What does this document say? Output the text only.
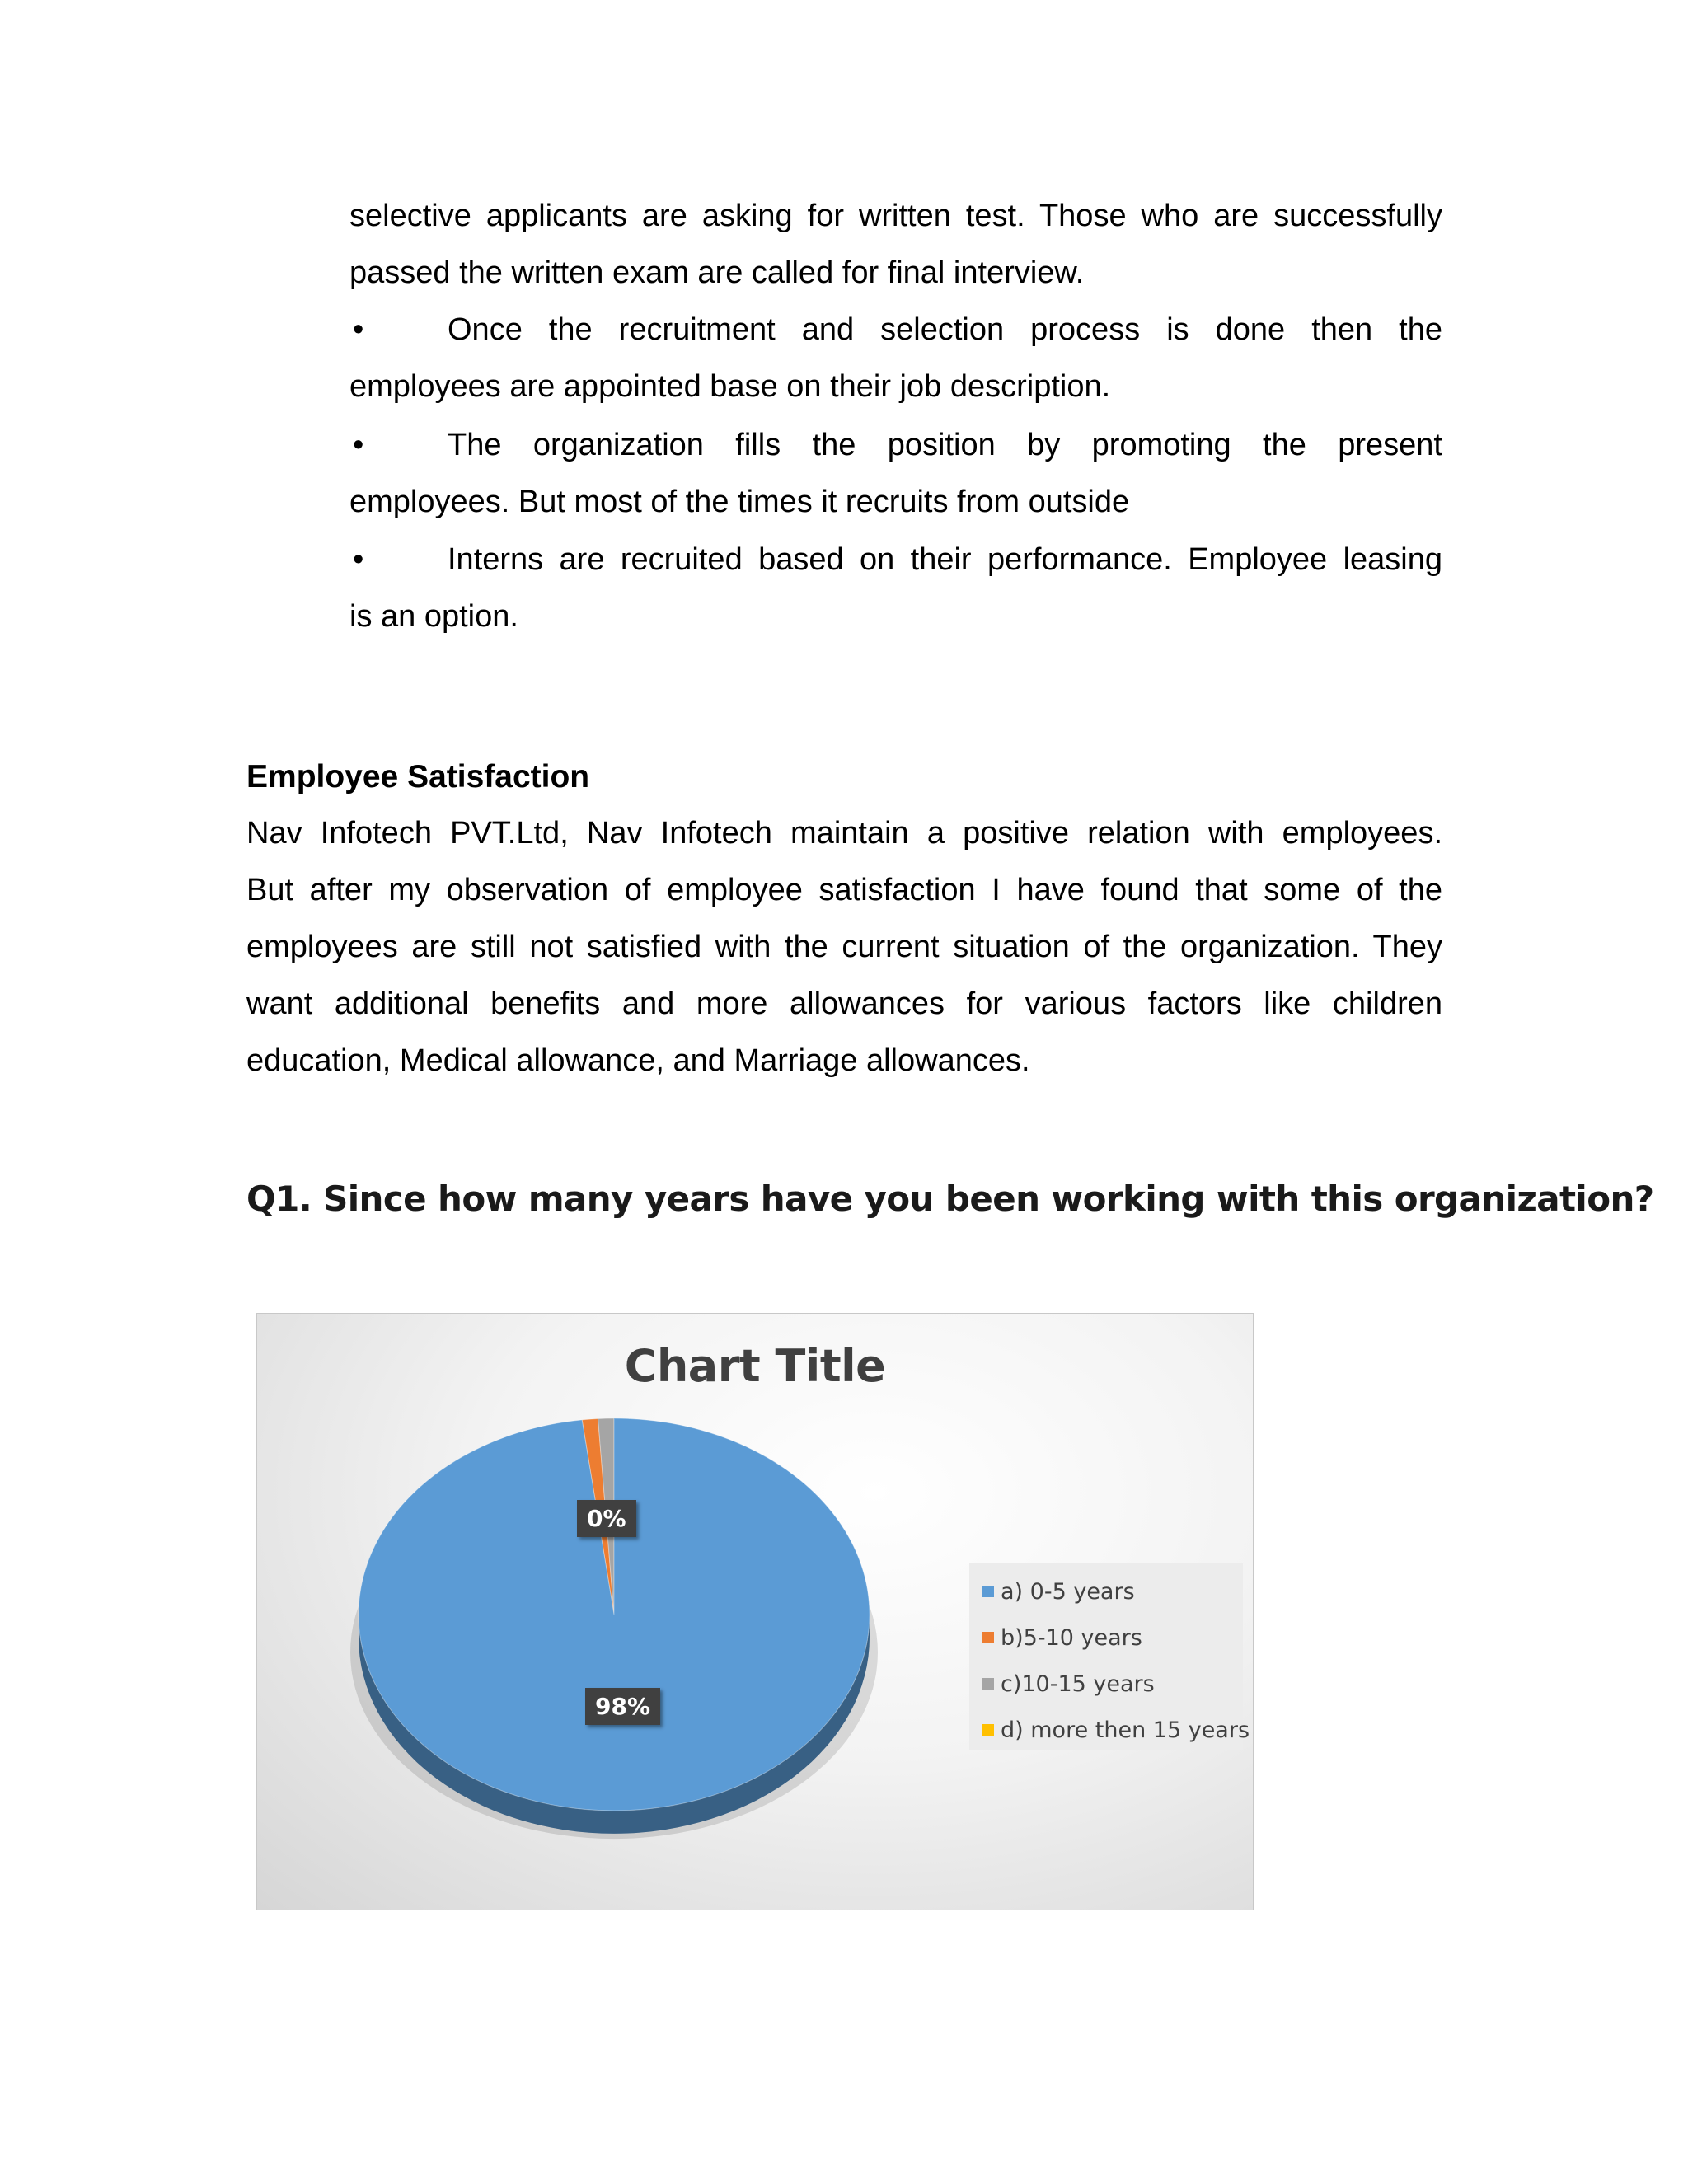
selective applicants are asking for written test. Those who are successfully
passed the written exam are called for final interview.
•	Once the recruitment and selection process is done then the
employees are appointed base on their job description.
•	The organization fills the position by promoting the present
employees. But most of the times it recruits from outside
•	Interns are recruited based on their performance. Employee leasing
is an option.
Employee Satisfaction
Nav Infotech PVT.Ltd, Nav Infotech maintain a positive relation with employees.
But after my observation of employee satisfaction I have found that some of the
employees are still not satisfied with the current situation of the organization. They
want additional benefits and more allowances for various factors like children
education, Medical allowance, and Marriage allowances.
Q1. Since how many years have you been working with this organization?
Chart Title
0%
98%
a) 0-5 years
b)5-10 years
c)10-15 years
d) more then 15 years
